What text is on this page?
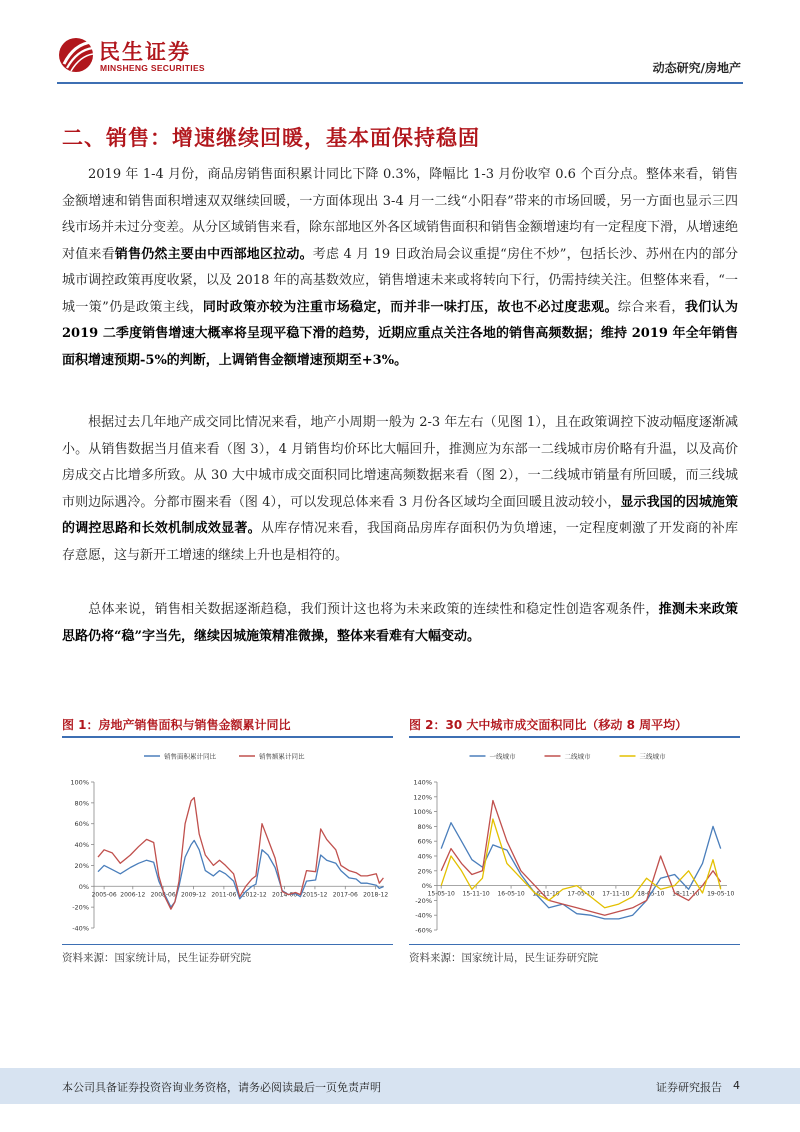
民生证券
MINSHENG SECURITIES	动态研究/房地产
二、销售：增速继续回暖，基本面保持稳固

2019 年 1-4 月份，商品房销售面积累计同比下降 0.3%，降幅比 1-3 月份收窄 0.6 个百分点。整体来看，销售金额增速和销售面积增速双双继续回暖，一方面体现出 3-4 月一二线“小阳春”带来的市场回暖，另一方面也显示三四线市场并未过分变差。从分区域销售来看，除东部地区外各区域销售面积和销售金额增速均有一定程度下滑，从增速绝对值来看销售仍然主要由中西部地区拉动。考虑 4 月 19 日政治局会议重提“房住不炒”，包括长沙、苏州在内的部分城市调控政策再度收紧，以及 2018 年的高基数效应，销售增速未来或将转向下行，仍需持续关注。但整体来看，“一城一策”仍是政策主线，同时政策亦较为注重市场稳定，而并非一味打压，故也不必过度悲观。综合来看，我们认为 2019 二季度销售增速大概率将呈现平稳下滑的趋势，近期应重点关注各地的销售高频数据；维持 2019 年全年销售面积增速预期-5%的判断，上调销售金额增速预期至+3%。

根据过去几年地产成交同比情况来看，地产小周期一般为 2-3 年左右（见图 1），且在政策调控下波动幅度逐渐减小。从销售数据当月值来看（图 3），4 月销售均价环比大幅回升，推测应为东部一二线城市房价略有升温，以及高价房成交占比增多所致。从 30 大中城市成交面积同比增速高频数据来看（图 2），一二线城市销量有所回暖，而三线城市则边际遇冷。分都市圈来看（图 4），可以发现总体来看 3 月份各区域均全面回暖且波动较小，显示我国的因城施策的调控思路和长效机制成效显著。从库存情况来看，我国商品房库存面积仍为负增速，一定程度刺激了开发商的补库存意愿，这与新开工增速的继续上升也是相符的。

总体来说，销售相关数据逐渐趋稳，我们预计这也将为未来政策的连续性和稳定性创造客观条件，推测未来政策思路仍将“稳”字当先，继续因城施策精准微操，整体来看难有大幅变动。

图 1：房地产销售面积与销售金额累计同比
-40%
-20%
0%
20%
40%
60%
80%
100%
2005-06 2006-12 2008-06 2009-12 2011-06 2012-12 2014-06 2015-12 2017-06 2018-12
销售面积累计同比	销售额累计同比
资料来源：国家统计局，民生证券研究院
图 2：30 大中城市成交面积同比（移动 8 周平均）
-60%
-40%
-20%
0%
20%
40%
60%
80%
100%
120%
140%
15-05-10 15-11-10 16-05-10 16-11-10 17-05-10 17-11-10 18-05-10 18-11-10 19-05-10
一线城市	二线城市	三线城市
资料来源：国家统计局，民生证券研究院
本公司具备证券投资咨询业务资格，请务必阅读最后一页免责声明	证券研究报告 4
